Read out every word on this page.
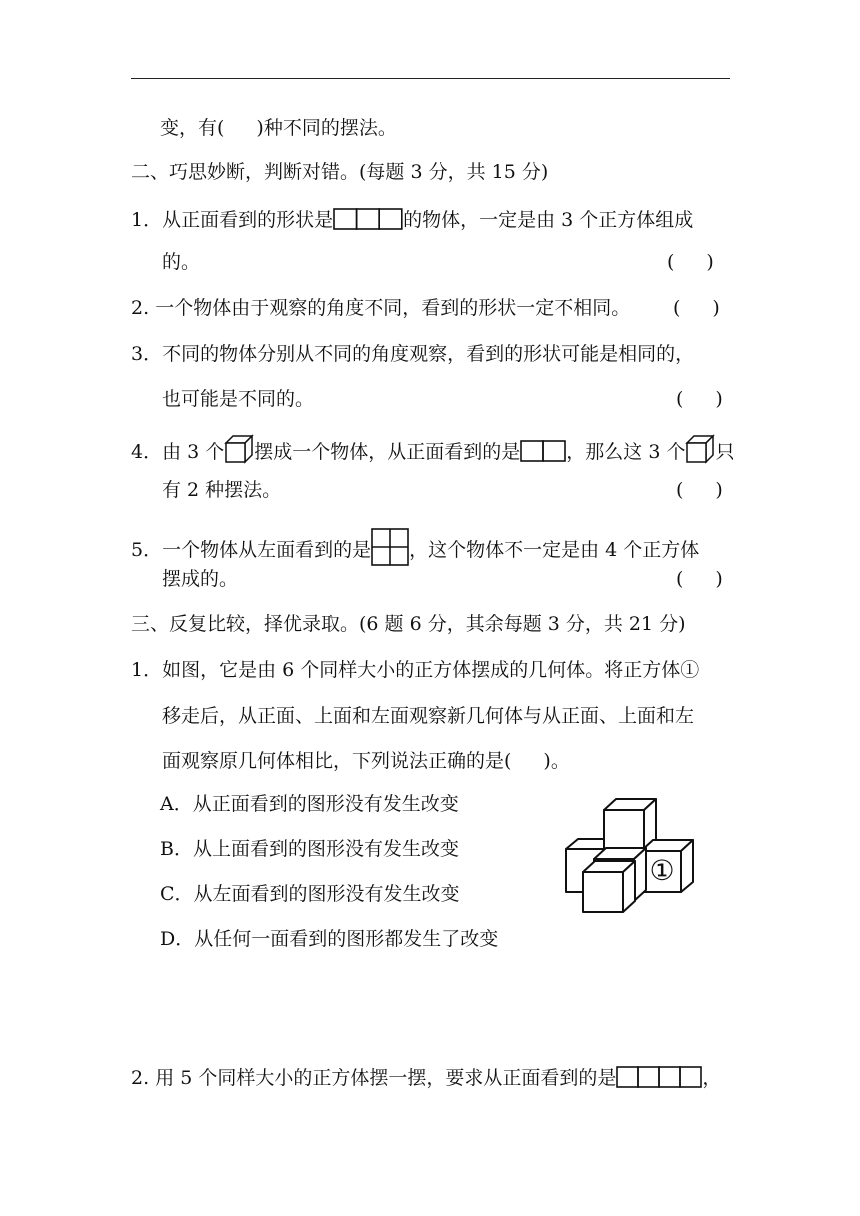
变，有( )种不同的摆法。
二、巧思妙断，判断对错。(每题 3 分，共 15 分)
1．从正面看到的形状是	的物体，一定是由 3 个正方体组成
的。	( )
2. 一个物体由于观察的角度不同，看到的形状一定不相同。 ( )
3．不同的物体分别从不同的角度观察，看到的形状可能是相同的，
也可能是不同的。	( )
4．由 3 个 摆成一个物体，从正面看到的是 ，那么这 3 个 只
有 2 种摆法。	( )
5．一个物体从左面看到的是 ，这个物体不一定是由 4 个正方体
摆成的。	( )
三、反复比较，择优录取。(6 题 6 分，其余每题 3 分，共 21 分)
1．如图，它是由 6 个同样大小的正方体摆成的几何体。将正方体①
移走后，从正面、上面和左面观察新几何体与从正面、上面和左
面观察原几何体相比，下列说法正确的是( )。
A．从正面看到的图形没有发生改变
B．从上面看到的图形没有发生改变
C．从左面看到的图形没有发生改变
D．从任何一面看到的图形都发生了改变
①
2. 用 5 个同样大小的正方体摆一摆，要求从正面看到的是	，
